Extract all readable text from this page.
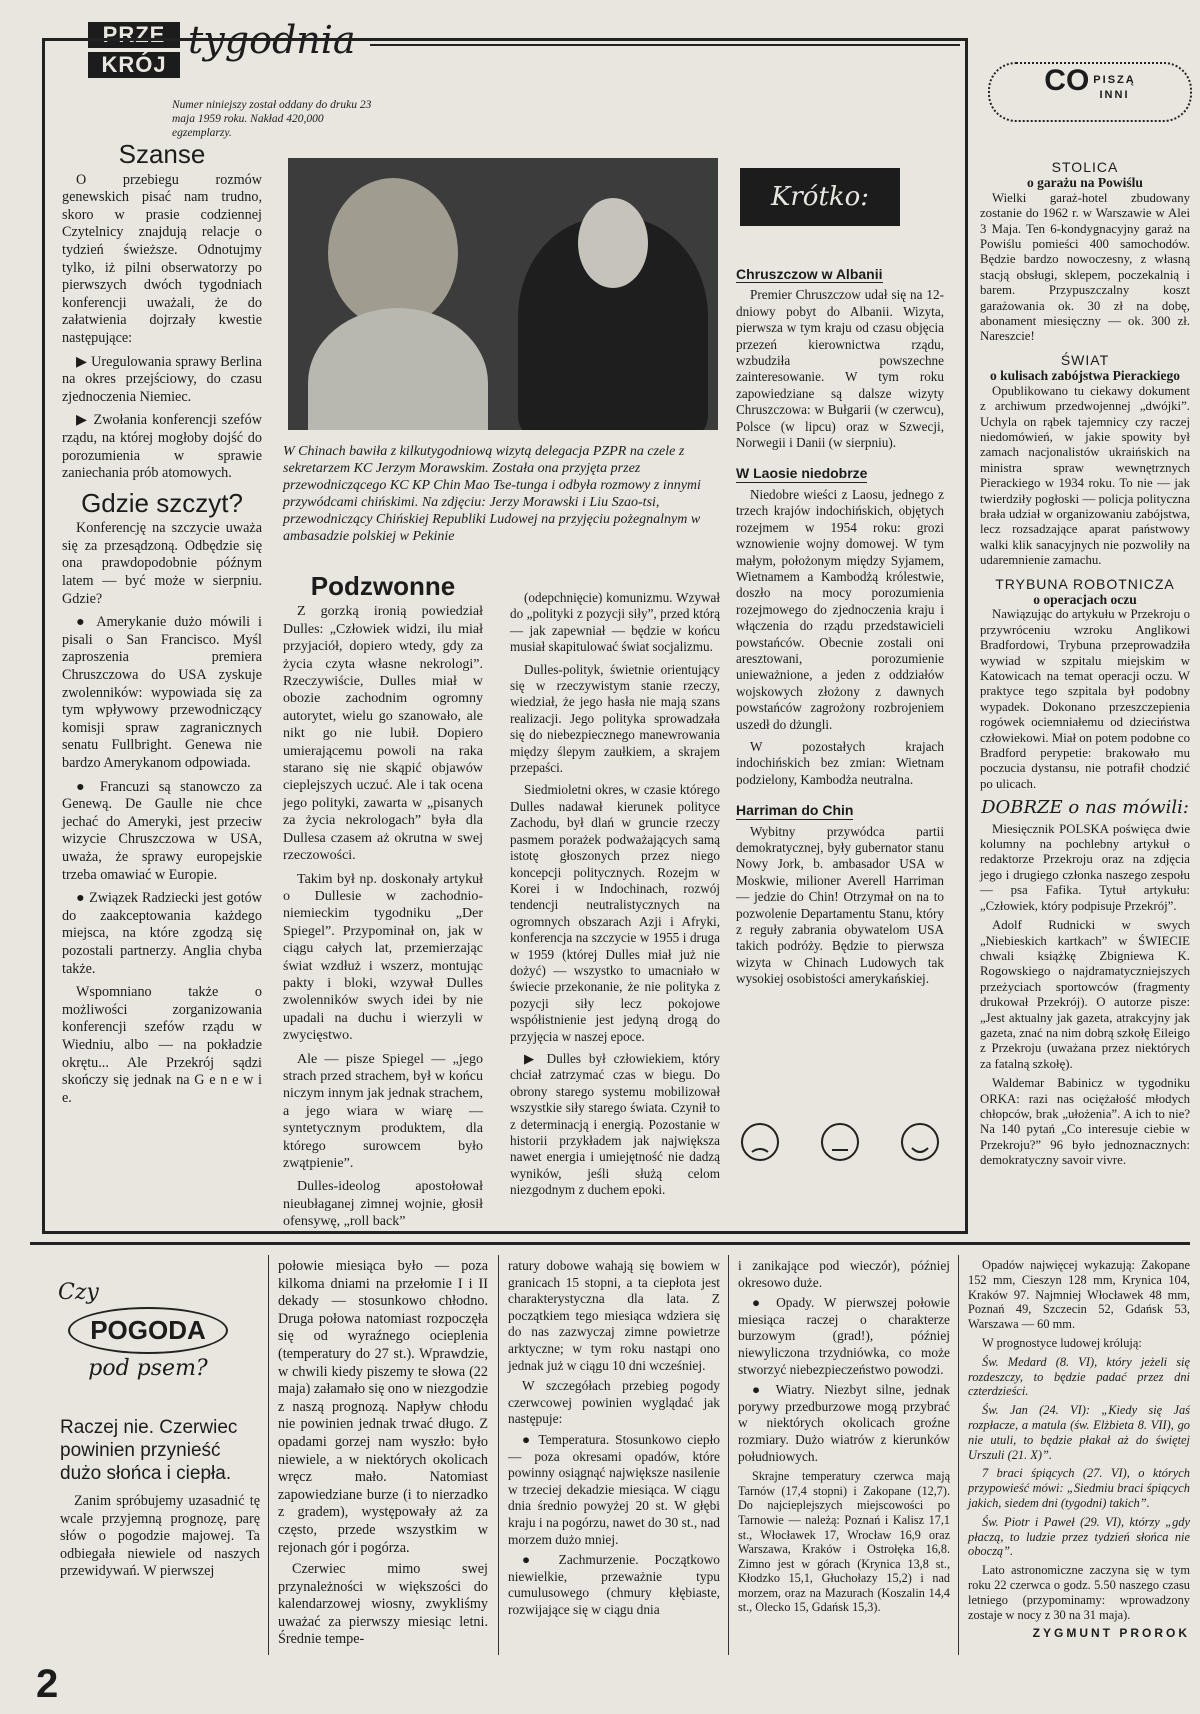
PRZE
KRÓJ
tygodnia
Numer niniejszy został oddany do druku 23 maja 1959 roku. Nakład 420,000 egzemplarzy.
Szanse

O przebiegu rozmów genewskich pisać nam trudno, skoro w prasie codziennej Czytelnicy znajdują relacje o tydzień świeższe. Odnotujmy tylko, iż pilni obserwatorzy po pierwszych dwóch tygodniach konferencji uważali, że do załatwienia dojrzały kwestie następujące:

▶ Uregulowania sprawy Berlina na okres przejściowy, do czasu zjednoczenia Niemiec.

▶ Zwołania konferencji szefów rządu, na której mogłoby dojść do porozumienia w sprawie zaniechania prób atomowych.

Gdzie szczyt?

Konferencję na szczycie uważa się za przesądzoną. Odbędzie się ona prawdopodobnie późnym latem — być może w sierpniu. Gdzie?

● Amerykanie dużo mówili i pisali o San Francisco. Myśl zaproszenia premiera Chruszczowa do USA zyskuje zwolenników: wypowiada się za tym wpływowy przewodniczący komisji spraw zagranicznych senatu Fullbright. Genewa nie bardzo Amerykanom odpowiada.

● Francuzi są stanowczo za Genewą. De Gaulle nie chce jechać do Ameryki, jest przeciw wizycie Chruszczowa w USA, uważa, że sprawy europejskie trzeba omawiać w Europie.

● Związek Radziecki jest gotów do zaakceptowania każdego miejsca, na które zgodzą się pozostali partnerzy. Anglia chyba także.

Wspomniano także o możliwości zorganizowania konferencji szefów rządu w Wiedniu, albo — na pokładzie okrętu... Ale Przekrój sądzi skończy się jednak na G e n e w i e.

W Chinach bawiła z kilkutygodniową wizytą delegacja PZPR na czele z sekretarzem KC Jerzym Morawskim. Została ona przyjęta przez przewodniczącego KC KP Chin Mao Tse-tunga i odbyła rozmowy z innymi przywódcami chińskimi. Na zdjęciu: Jerzy Morawski i Liu Szao-tsi, przewodniczący Chińskiej Republiki Ludowej na przyjęciu pożegnalnym w ambasadzie polskiej w Pekinie
Podzwonne

Z gorzką ironią powiedział Dulles: „Człowiek widzi, ilu miał przyjaciół, dopiero wtedy, gdy za życia czyta własne nekrologi”. Rzeczywiście, Dulles miał w obozie zachodnim ogromny autorytet, wielu go szanowało, ale nikt go nie lubił. Dopiero umierającemu powoli na raka starano się nie skąpić objawów cieplejszych uczuć. Ale i tak ocena jego polityki, zawarta w „pisanych za życia nekrologach” była dla Dullesa czasem aż okrutna w swej rzeczowości.

Takim był np. doskonały artykuł o Dullesie w zachodnio-niemieckim tygodniku „Der Spiegel”. Przypominał on, jak w ciągu całych lat, przemierzając świat wzdłuż i wszerz, montując pakty i bloki, wzywał Dulles zwolenników swych idei by nie upadali na duchu i wierzyli w zwycięstwo.

Ale — pisze Spiegel — „jego strach przed strachem, był w końcu niczym innym jak jednak strachem, a jego wiara w wiarę — syntetycznym produktem, dla którego surowcem było zwątpienie”.

Dulles-ideolog apostołował nieubłaganej zimnej wojnie, głosił ofensywę, „roll back”

(odepchnięcie) komunizmu. Wzywał do „polityki z pozycji siły”, przed którą — jak zapewniał — będzie w końcu musiał skapitulować świat socjalizmu.

Dulles-polityk, świetnie orientujący się w rzeczywistym stanie rzeczy, wiedział, że jego hasła nie mają szans realizacji. Jego polityka sprowadzała się do niebezpiecznego manewrowania między ślepym zaułkiem, a skrajem przepaści.

Siedmioletni okres, w czasie którego Dulles nadawał kierunek polityce Zachodu, był dlań w gruncie rzeczy pasmem porażek podważających samą istotę głoszonych przez niego koncepcji politycznych. Rozejm w Korei i w Indochinach, rozwój tendencji neutralistycznych na ogromnych obszarach Azji i Afryki, konferencja na szczycie w 1955 i druga w 1959 (której Dulles miał już nie dożyć) — wszystko to umacniało w świecie przekonanie, że nie polityka z pozycji siły lecz pokojowe współistnienie jest jedyną drogą do przyjęcia w naszej epoce.

▶ Dulles był człowiekiem, który chciał zatrzymać czas w biegu. Do obrony starego systemu mobilizował wszystkie siły starego świata. Czynił to z determinacją i energią. Pozostanie w historii przykładem jak największa nawet energia i umiejętność nie dadzą wyników, jeśli służą celom niezgodnym z duchem epoki.

Krótko:
Chruszczow w Albanii

Premier Chruszczow udał się na 12-dniowy pobyt do Albanii. Wizyta, pierwsza w tym kraju od czasu objęcia przezeń kierownictwa rządu, wzbudziła powszechne zainteresowanie. W tym roku zapowiedziane są dalsze wizyty Chruszczowa: w Bułgarii (w czerwcu), Polsce (w lipcu) oraz w Szwecji, Norwegii i Danii (w sierpniu).

W Laosie niedobrze

Niedobre wieści z Laosu, jednego z trzech krajów indochińskich, objętych rozejmem w 1954 roku: grozi wznowienie wojny domowej. W tym małym, położonym między Syjamem, Wietnamem a Kambodżą królestwie, doszło na mocy porozumienia rozejmowego do zjednoczenia kraju i włączenia do rządu przedstawicieli powstańców. Obecnie zostali oni aresztowani, porozumienie unieważnione, a jeden z oddziałów wojskowych złożony z dawnych powstańców zagrożony rozbrojeniem uszedł do dżungli.

W pozostałych krajach indochińskich bez zmian: Wietnam podzielony, Kambodża neutralna.

Harriman do Chin

Wybitny przywódca partii demokratycznej, były gubernator stanu Nowy Jork, b. ambasador USA w Moskwie, milioner Averell Harriman — jedzie do Chin! Otrzymał on na to pozwolenie Departamentu Stanu, który z reguły zabrania obywatelom USA takich podróży. Będzie to pierwsza wizyta w Chinach Ludowych tak wysokiej osobistości amerykańskiej.

CO PISZĄ
INNI
STOLICA
o garażu na Powiślu

Wielki garaż-hotel zbudowany zostanie do 1962 r. w Warszawie w Alei 3 Maja. Ten 6-kondygnacyjny garaż na Powiślu pomieści 400 samochodów. Będzie bardzo nowoczesny, z własną stacją obsługi, sklepem, poczekalnią i barem. Przypuszczalny koszt garażowania ok. 30 zł na dobę, abonament miesięczny — ok. 300 zł. Nareszcie!

ŚWIAT
o kulisach zabójstwa Pierackiego

Opublikowano tu ciekawy dokument z archiwum przedwojennej „dwójki”. Uchyla on rąbek tajemnicy czy raczej niedomówień, w jakie spowity był zamach nacjonalistów ukraińskich na ministra spraw wewnętrznych Pierackiego w 1934 roku. To nie — jak twierdziły pogłoski — policja polityczna brała udział w organizowaniu zabójstwa, lecz rozsadzające aparat państwowy walki klik sanacyjnych nie pozwoliły na udaremnienie zamachu.

TRYBUNA ROBOTNICZA
o operacjach oczu

Nawiązując do artykułu w Przekroju o przywróceniu wzroku Anglikowi Bradfordowi, Trybuna przeprowadziła wywiad w szpitalu miejskim w Katowicach na temat operacji oczu. W praktyce tego szpitala był podobny wypadek. Dokonano przeszczepienia rogówek ociemniałemu od dzieciństwa człowiekowi. Miał on potem podobne co Bradford perypetie: brakowało mu poczucia dystansu, nie potrafił chodzić po ulicach.

DOBRZE o nas mówili:

Miesięcznik POLSKA poświęca dwie kolumny na pochlebny artykuł o redaktorze Przekroju oraz na zdjęcia jego i drugiego członka naszego zespołu — psa Fafika. Tytuł artykułu: „Człowiek, który podpisuje Przekrój”.

Adolf Rudnicki w swych „Niebieskich kartkach” w ŚWIECIE chwali książkę Zbigniewa K. Rogowskiego o najdramatyczniejszych przeżyciach sportowców (fragmenty drukował Przekrój). O autorze pisze: „Jest aktualny jak gazeta, atrakcyjny jak gazeta, znać na nim dobrą szkołę Eileigo z Przekroju (uważana przez niektórych za fatalną szkołę).

Waldemar Babinicz w tygodniku ORKA: razi nas ociężałość młodych chłopców, brak „ułożenia”. A ich to nie? Na 140 pytań „Co interesuje ciebie w Przekroju?” 96 było jednoznacznych: demokratyczny savoir vivre.

Czy
POGODA
pod psem?
Raczej nie. Czerwiec powinien przynieść dużo słońca i ciepła.

Zanim spróbujemy uzasadnić tę wcale przyjemną prognozę, parę słów o pogodzie majowej. Ta odbiegała niewiele od naszych przewidywań. W pierwszej

połowie miesiąca było — poza kilkoma dniami na przełomie I i II dekady — stosunkowo chłodno. Druga połowa natomiast rozpoczęła się od wyraźnego ocieplenia (temperatury do 27 st.). Wprawdzie, w chwili kiedy piszemy te słowa (22 maja) załamało się ono w niezgodzie z naszą prognozą. Napływ chłodu nie powinien jednak trwać długo. Z opadami gorzej nam wyszło: było niewiele, a w niektórych okolicach wręcz mało. Natomiast zapowiedziane burze (i to nierzadko z gradem), występowały aż za często, przede wszystkim w rejonach gór i pogórza.

Czerwiec mimo swej przynależności w większości do kalendarzowej wiosny, zwykliśmy uważać za pierwszy miesiąc letni. Średnie tempe-

ratury dobowe wahają się bowiem w granicach 15 stopni, a ta ciepłota jest charakterystyczna dla lata. Z początkiem tego miesiąca wdziera się do nas zazwyczaj zimne powietrze arktyczne; w tym roku nastąpi ono jednak już w ciągu 10 dni wcześniej.

W szczegółach przebieg pogody czerwcowej powinien wyglądać jak następuje:

● Temperatura. Stosunkowo ciepło — poza okresami opadów, które powinny osiągnąć największe nasilenie w trzeciej dekadzie miesiąca. W ciągu dnia średnio powyżej 20 st. W głębi kraju i na pogórzu, nawet do 30 st., nad morzem dużo mniej.

● Zachmurzenie. Początkowo niewielkie, przeważnie typu cumulusowego (chmury kłębiaste, rozwijające się w ciągu dnia

i zanikające pod wieczór), później okresowo duże.

● Opady. W pierwszej połowie miesiąca raczej o charakterze burzowym (grad!), później niewyliczona trzydniówka, co może stworzyć niebezpieczeństwo powodzi.

● Wiatry. Niezbyt silne, jednak porywy przedburzowe mogą przybrać w niektórych okolicach groźne rozmiary. Dużo wiatrów z kierunków południowych.

Skrajne temperatury czerwca mają Tarnów (17,4 stopni) i Zakopane (12,7). Do najcieplejszych miejscowości po Tarnowie — należą: Poznań i Kalisz 17,1 st., Włocławek 17, Wrocław 16,9 oraz Warszawa, Kraków i Ostrołęka 16,8. Zimno jest w górach (Krynica 13,8 st., Kłodzko 15,1, Głuchołazy 15,2) i nad morzem, oraz na Mazurach (Koszalin 14,4 st., Olecko 15, Gdańsk 15,3).

Opadów najwięcej wykazują: Zakopane 152 mm, Cieszyn 128 mm, Krynica 104, Kraków 97. Najmniej Włocławek 48 mm, Poznań 49, Szczecin 52, Gdańsk 53, Warszawa — 60 mm.

W prognostyce ludowej królują:

Św. Medard (8. VI), który jeżeli się rozdeszczy, to będzie padać przez dni czterdzieści.

Św. Jan (24. VI): „Kiedy się Jaś rozpłacze, a matula (św. Elżbieta 8. VII), go nie utuli, to będzie płakał aż do świętej Urszuli (21. X)”.

7 braci śpiących (27. VI), o których przypowieść mówi: „Siedmiu braci śpiących jakich, siedem dni (tygodni) takich”.

Św. Piotr i Paweł (29. VI), którzy „gdy płaczą, to ludzie przez tydzień słońca nie oboczą”.

Lato astronomiczne zaczyna się w tym roku 22 czerwca o godz. 5.50 naszego czasu letniego (przypominamy: wprowadzony zostaje w nocy z 30 na 31 maja).

ZYGMUNT PROROK
2
